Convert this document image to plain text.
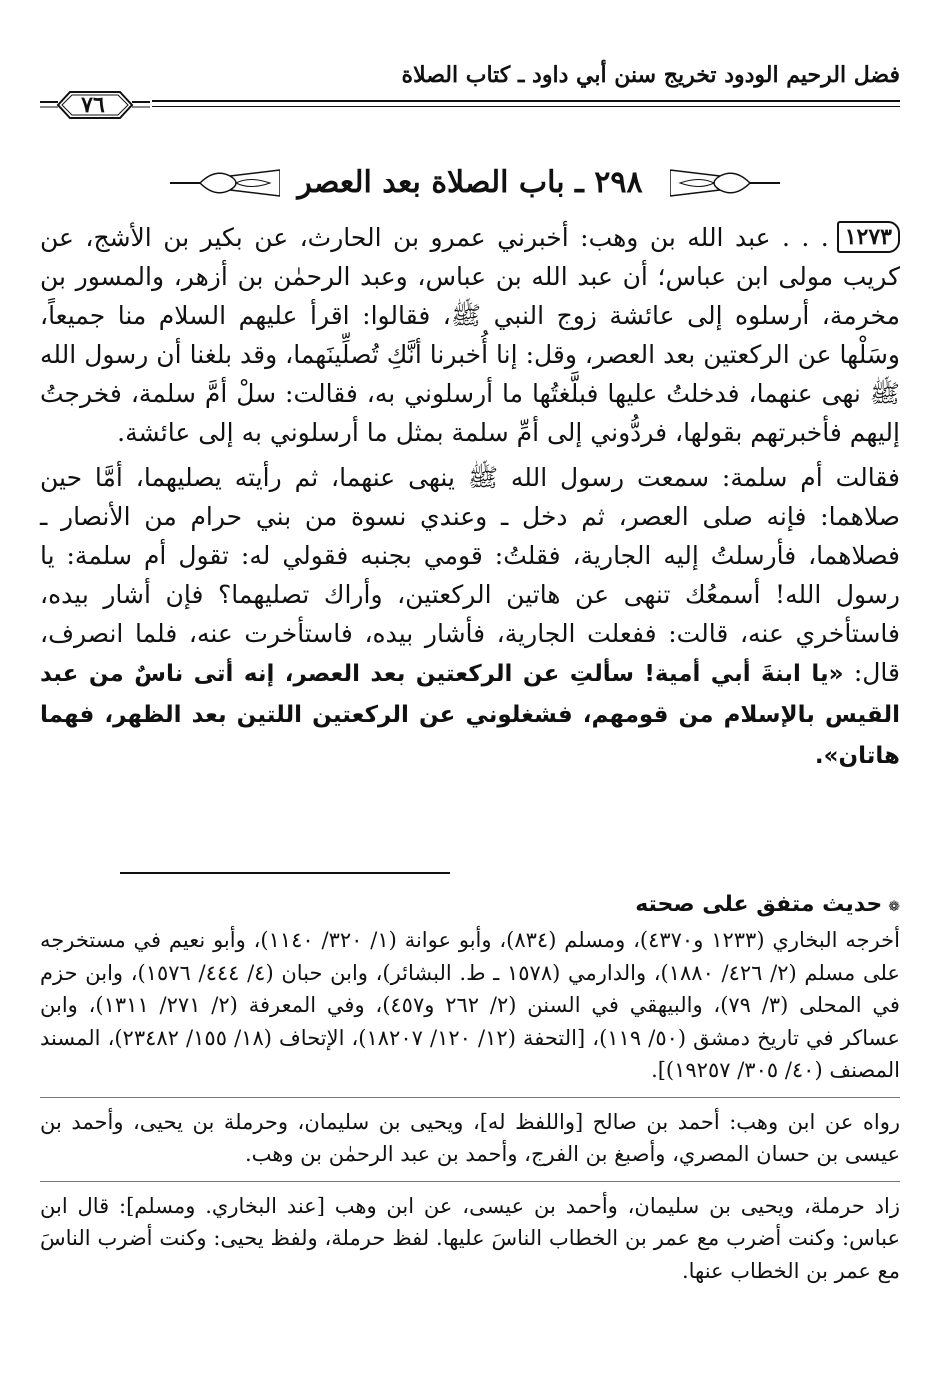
فضل الرحيم الودود تخريج سنن أبي داود ـ كتاب الصلاة
٧٦
٢٩٨ ـ باب الصلاة بعد العصر

١٢٧٣. . . عبد الله بن وهب: أخبرني عمرو بن الحارث، عن بكير بن الأشج، عن كريب مولى ابن عباس؛ أن عبد الله بن عباس، وعبد الرحمٰن بن أزهر، والمسور بن مخرمة، أرسلوه إلى عائشة زوج النبي ﷺ، فقالوا: اقرأ عليهم السلام منا جميعاً، وسَلْها عن الركعتين بعد العصر، وقل: إنا أُخبرنا أنَّكِ تُصلِّينَهما، وقد بلغنا أن رسول الله ﷺ نهى عنهما، فدخلتُ عليها فبلَّغتُها ما أرسلوني به، فقالت: سلْ أمَّ سلمة، فخرجتُ إليهم فأخبرتهم بقولها، فردُّوني إلى أمِّ سلمة بمثل ما أرسلوني به إلى عائشة.

فقالت أم سلمة: سمعت رسول الله ﷺ ينهى عنهما، ثم رأيته يصليهما، أمَّا حين صلاهما: فإنه صلى العصر، ثم دخل ـ وعندي نسوة من بني حرام من الأنصار ـ فصلاهما، فأرسلتُ إليه الجارية، فقلتُ: قومي بجنبه فقولي له: تقول أم سلمة: يا رسول الله! أسمعُك تنهى عن هاتين الركعتين، وأراك تصليهما؟ فإن أشار بيده، فاستأخري عنه، قالت: ففعلت الجارية، فأشار بيده، فاستأخرت عنه، فلما انصرف، قال: «يا ابنةَ أبي أمية! سألتِ عن الركعتين بعد العصر، إنه أتى ناسٌ من عبد القيس بالإسلام من قومهم، فشغلوني عن الركعتين اللتين بعد الظهر، فهما هاتان».

❁حديث متفق على صحته

أخرجه البخاري (١٢٣٣ و٤٣٧٠)، ومسلم (٨٣٤)، وأبو عوانة (١/ ٣٢٠/ ١١٤٠)، وأبو نعيم في مستخرجه على مسلم (٢/ ٤٢٦/ ١٨٨٠)، والدارمي (١٥٧٨ ـ ط. البشائر)، وابن حبان (٤/ ٤٤٤/ ١٥٧٦)، وابن حزم في المحلى (٣/ ٧٩)، والبيهقي في السنن (٢/ ٢٦٢ و٤٥٧)، وفي المعرفة (٢/ ٢٧١/ ١٣١١)، وابن عساكر في تاريخ دمشق (٥٠/ ١١٩)، [التحفة (١٢/ ١٢٠/ ١٨٢٠٧)، الإتحاف (١٨/ ١٥٥/ ٢٣٤٨٢)، المسند المصنف (٤٠/ ٣٠٥/ ١٩٢٥٧)].

رواه عن ابن وهب: أحمد بن صالح [واللفظ له]، ويحيى بن سليمان، وحرملة بن يحيى، وأحمد بن عيسى بن حسان المصري، وأصبغ بن الفرج، وأحمد بن عبد الرحمٰن بن وهب.

زاد حرملة، ويحيى بن سليمان، وأحمد بن عيسى، عن ابن وهب [عند البخاري. ومسلم]: قال ابن عباس: وكنت أضرب مع عمر بن الخطاب الناسَ عليها. لفظ حرملة، ولفظ يحيى: وكنت أضرب الناسَ مع عمر بن الخطاب عنها.
